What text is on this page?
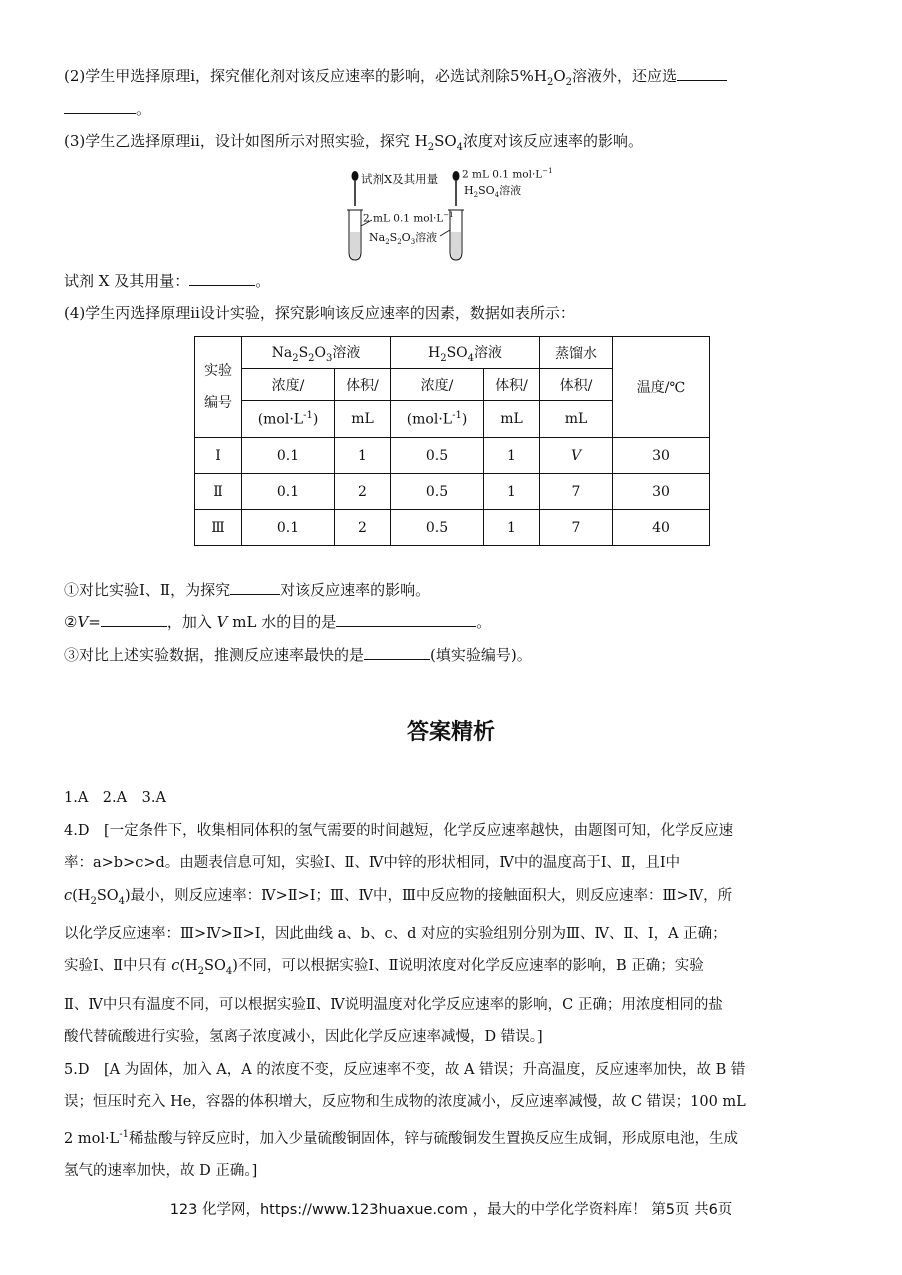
(2)学生甲选择原理ⅰ，探究催化剂对该反应速率的影响，必选试剂除$5\%H_2O_2$溶液外，还应选
。
(3)学生乙选择原理ⅱ，设计如图所示对照实验，探究 $H_2SO_4$浓度对该反应速率的影响。
试剂X及其用量 2 mL 0.1 $mol\cdot L^{-1}$
$H_2SO_4$溶液
2 mL 0.1 $mol\cdot L^{-1}$
$Na_2S_2O_3$溶液
试剂 X 及其用量：	。
(4)学生丙选择原理ⅱ设计实验，探究影响该反应速率的因素，数据如表所示：
实验
编号	$Na_2S_2O_3$溶液		$H_2SO_4$溶液		蒸馏水	温度/℃
	浓度/	体积/	浓度/	体积/	体积/	
	$(mol\cdot L^{-1})$	mL	$(mol\cdot L^{-1})$	mL	mL	
Ⅰ	0.1	1	0.5	1	V	30
Ⅱ	0.1	2	0.5	1	7	30
Ⅲ	0.1	2	0.5	1	7	40
①对比实验Ⅰ、Ⅱ，为探究	对该反应速率的影响。
②V=	，加入 V mL 水的目的是	。
③对比上述实验数据，推测反应速率最快的是	(填实验编号)。
答案精析

1.A　2.A　3.A

4.D　[一定条件下，收集相同体积的氢气需要的时间越短，化学反应速率越快，由题图可知，化学反应速

率：a>b>c>d。由题表信息可知，实验Ⅰ、Ⅱ、Ⅳ中锌的形状相同，Ⅳ中的温度高于Ⅰ、Ⅱ，且Ⅰ中

$c(H_2SO_4)$最小，则反应速率：Ⅳ>Ⅱ>Ⅰ；Ⅲ、Ⅳ中，Ⅲ中反应物的接触面积大，则反应速率：Ⅲ>Ⅳ，所

以化学反应速率：Ⅲ>Ⅳ>Ⅱ>Ⅰ，因此曲线 a、b、c、d 对应的实验组别分别为Ⅲ、Ⅳ、Ⅱ、Ⅰ，A 正确；

实验Ⅰ、Ⅱ中只有 $c(H_2SO_4)$不同，可以根据实验Ⅰ、Ⅱ说明浓度对化学反应速率的影响，B 正确；实验

Ⅱ、Ⅳ中只有温度不同，可以根据实验Ⅱ、Ⅳ说明温度对化学反应速率的影响，C 正确；用浓度相同的盐

酸代替硫酸进行实验，氢离子浓度减小，因此化学反应速率减慢，D 错误。]

5.D　[A 为固体，加入 A，A 的浓度不变，反应速率不变，故 A 错误；升高温度，反应速率加快，故 B 错

误；恒压时充入 He，容器的体积增大，反应物和生成物的浓度减小，反应速率减慢，故 C 错误；100 mL

2 $mol\cdot L^{-1}$稀盐酸与锌反应时，加入少量硫酸铜固体，锌与硫酸铜发生置换反应生成铜，形成原电池，生成

氢气的速率加快，故 D 正确。]

123 化学网，https://www.123huaxue.com ，最大的中学化学资料库！ 第5页 共6页
